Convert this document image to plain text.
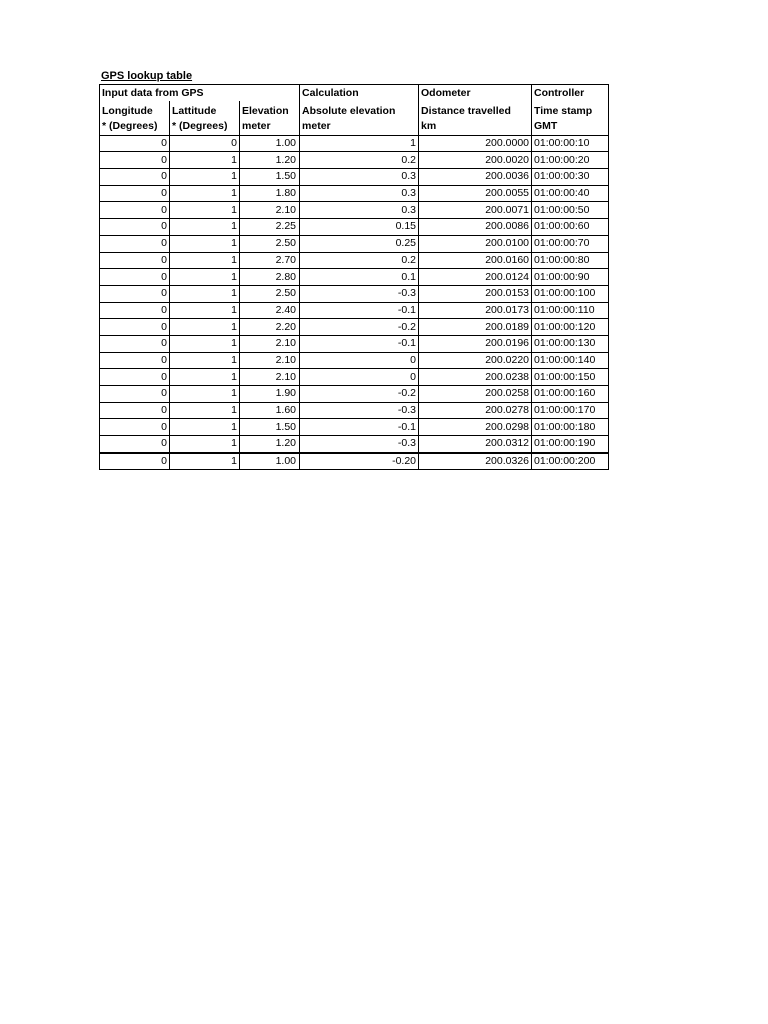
GPS lookup table
Input data from GPS			Calculation	Odometer	Controller
Longitude	Lattitude	Elevation	Absolute elevation	Distance travelled	Time stamp
* (Degrees)	* (Degrees)	meter	meter	km	GMT
0	0	1.00	1	200.0000	01:00:00:10
0	1	1.20	0.2	200.0020	01:00:00:20
0	1	1.50	0.3	200.0036	01:00:00:30
0	1	1.80	0.3	200.0055	01:00:00:40
0	1	2.10	0.3	200.0071	01:00:00:50
0	1	2.25	0.15	200.0086	01:00:00:60
0	1	2.50	0.25	200.0100	01:00:00:70
0	1	2.70	0.2	200.0160	01:00:00:80
0	1	2.80	0.1	200.0124	01:00:00:90
0	1	2.50	-0.3	200.0153	01:00:00:100
0	1	2.40	-0.1	200.0173	01:00:00:110
0	1	2.20	-0.2	200.0189	01:00:00:120
0	1	2.10	-0.1	200.0196	01:00:00:130
0	1	2.10	0	200.0220	01:00:00:140
0	1	2.10	0	200.0238	01:00:00:150
0	1	1.90	-0.2	200.0258	01:00:00:160
0	1	1.60	-0.3	200.0278	01:00:00:170
0	1	1.50	-0.1	200.0298	01:00:00:180
0	1	1.20	-0.3	200.0312	01:00:00:190
0	1	1.00	-0.20	200.0326	01:00:00:200
